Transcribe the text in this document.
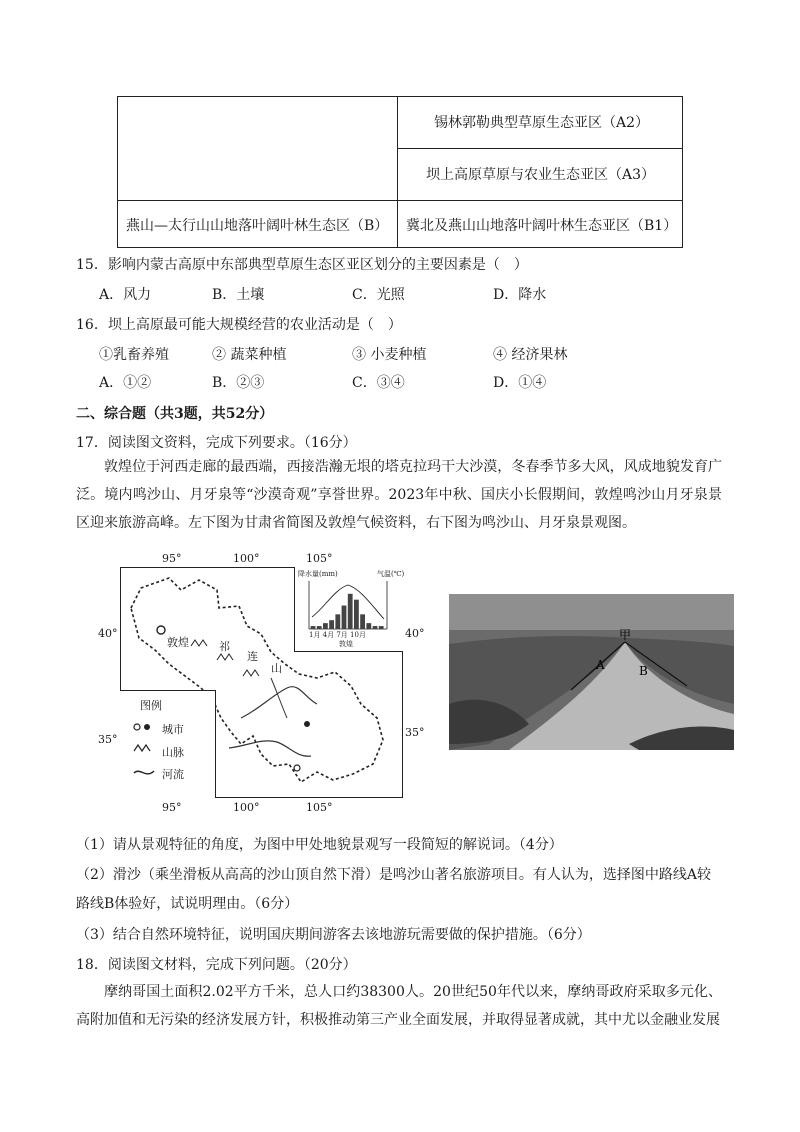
锡林郭勒典型草原生态亚区（A2）
坝上高原草原与农业生态亚区（A3）
燕山—太行山山地落叶阔叶林生态区（B） 冀北及燕山山地落叶阔叶林生态亚区（B1）
15．影响内蒙古高原中东部典型草原生态区亚区划分的主要因素是（　）
A．风力	B．土壤	C．光照	D．降水
16．坝上高原最可能大规模经营的农业活动是（　）
①乳畜养殖	② 蔬菜种植	③ 小麦种植	④ 经济果林
A．①②	B．②③	C．③④	D．①④
二、综合题（共3题，共52分）
17．阅读图文资料，完成下列要求。（16分）
敦煌位于河西走廊的最西端，西接浩瀚无垠的塔克拉玛干大沙漠，冬春季节多大风，风成地貌发育广泛。境内鸣沙山、月牙泉等“沙漠奇观”享誉世界。2023年中秋、国庆小长假期间，敦煌鸣沙山月牙泉景区迎来旅游高峰。左下图为甘肃省简图及敦煌气候资料，右下图为鸣沙山、月牙泉景观图。
95°	100°	105°
40°	40°
35°
35°
95°	100°	105°
敦煌	祁
连
山
降水量(mm)	气温(℃)
1月 4月 7月 10月
敦煌
图例
城市
山脉
河流
甲
A	B
（1）请从景观特征的角度，为图中甲处地貌景观写一段简短的解说词。（4分）
（2）滑沙（乘坐滑板从高高的沙山顶自然下滑）是鸣沙山著名旅游项目。有人认为，选择图中路线A较
路线B体验好，试说明理由。（6分）
（3）结合自然环境特征，说明国庆期间游客去该地游玩需要做的保护措施。（6分）
18．阅读图文材料，完成下列问题。（20分）
摩纳哥国土面积2.02平方千米，总人口约38300人。20世纪50年代以来，摩纳哥政府采取多元化、高附加值和无污染的经济发展方针，积极推动第三产业全面发展，并取得显著成就，其中尤以金融业发展
